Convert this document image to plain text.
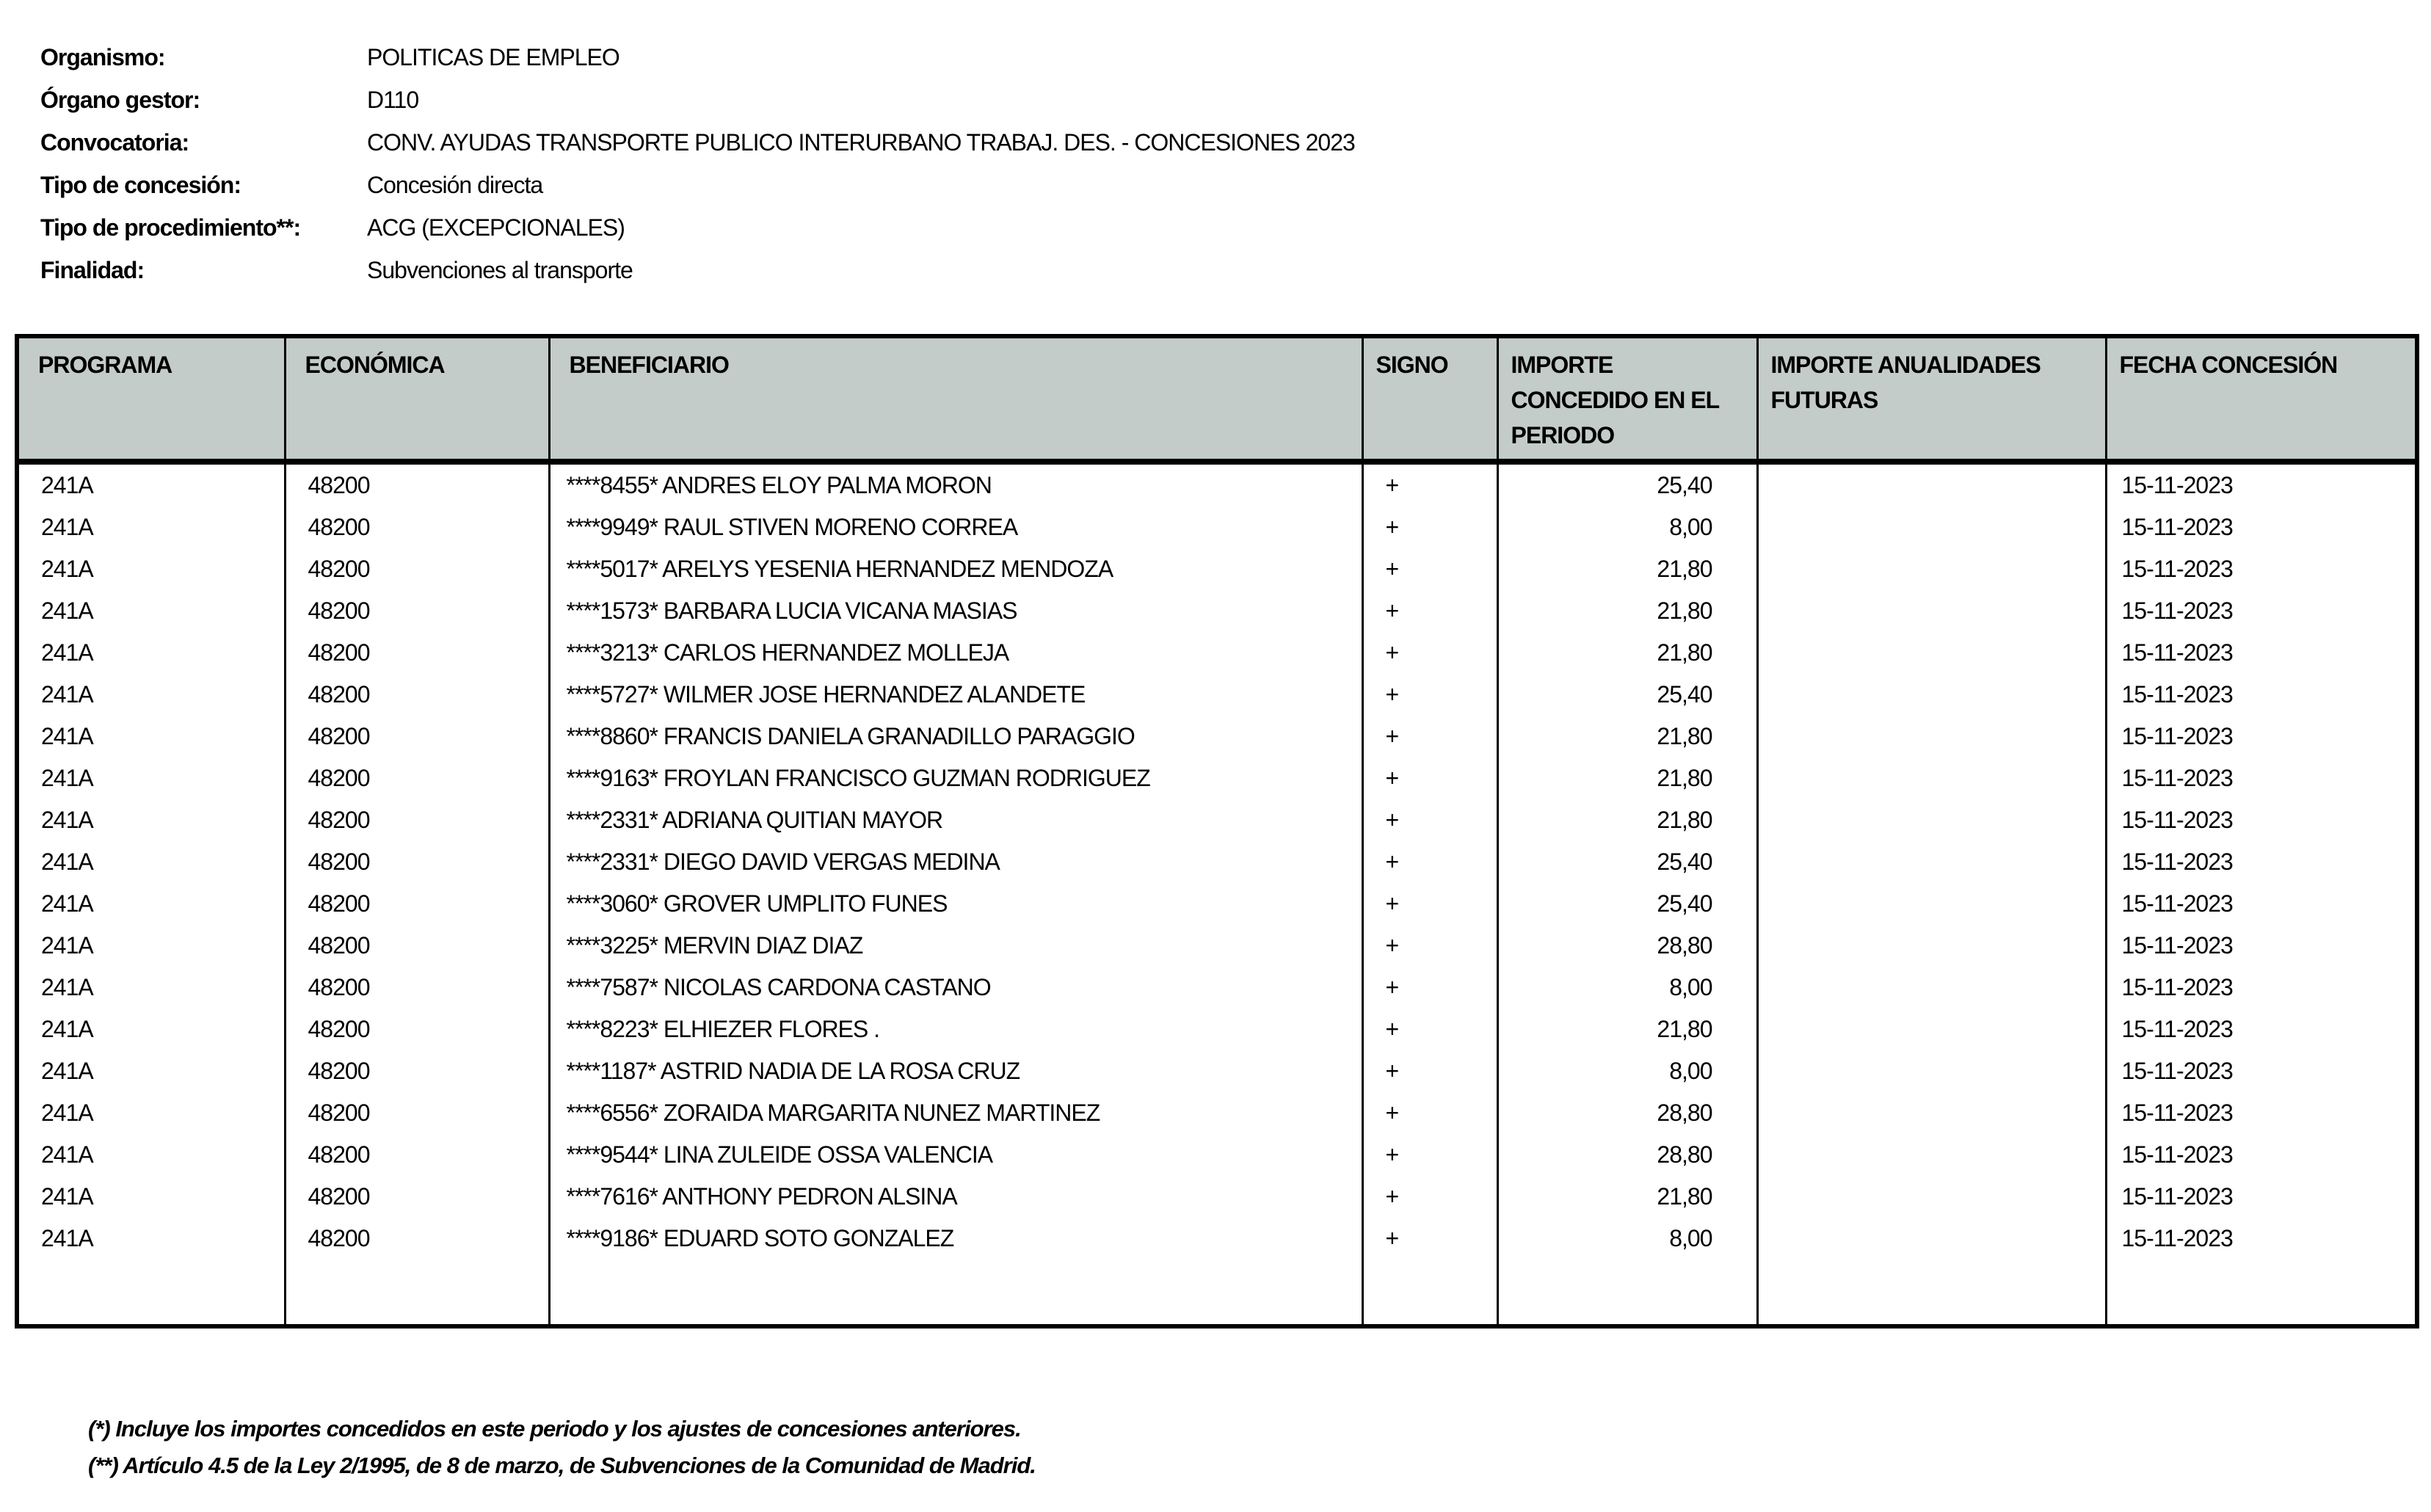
Organismo:	POLITICAS DE EMPLEO
Órgano gestor:	D110
Convocatoria:	CONV. AYUDAS TRANSPORTE PUBLICO INTERURBANO TRABAJ. DES. - CONCESIONES 2023
Tipo de concesión:	Concesión directa
Tipo de procedimiento**:	ACG (EXCEPCIONALES)
Finalidad:	Subvenciones al transporte
PROGRAMA	ECONÓMICA	BENEFICIARIO	SIGNO	IMPORTE CONCEDIDO EN EL PERIODO	IMPORTE ANUALIDADES FUTURAS	FECHA CONCESIÓN
241A	48200	****8455* ANDRES ELOY PALMA MORON	+	25,40		15-11-2023
241A	48200	****9949* RAUL STIVEN MORENO CORREA	+	8,00		15-11-2023
241A	48200	****5017* ARELYS YESENIA HERNANDEZ MENDOZA	+	21,80		15-11-2023
241A	48200	****1573* BARBARA LUCIA VICANA MASIAS	+	21,80		15-11-2023
241A	48200	****3213* CARLOS HERNANDEZ MOLLEJA	+	21,80		15-11-2023
241A	48200	****5727* WILMER JOSE HERNANDEZ ALANDETE	+	25,40		15-11-2023
241A	48200	****8860* FRANCIS DANIELA GRANADILLO PARAGGIO	+	21,80		15-11-2023
241A	48200	****9163* FROYLAN FRANCISCO GUZMAN RODRIGUEZ	+	21,80		15-11-2023
241A	48200	****2331* ADRIANA QUITIAN MAYOR	+	21,80		15-11-2023
241A	48200	****2331* DIEGO DAVID VERGAS MEDINA	+	25,40		15-11-2023
241A	48200	****3060* GROVER UMPLITO FUNES	+	25,40		15-11-2023
241A	48200	****3225* MERVIN DIAZ DIAZ	+	28,80		15-11-2023
241A	48200	****7587* NICOLAS CARDONA CASTANO	+	8,00		15-11-2023
241A	48200	****8223* ELHIEZER FLORES .	+	21,80		15-11-2023
241A	48200	****1187* ASTRID NADIA DE LA ROSA CRUZ	+	8,00		15-11-2023
241A	48200	****6556* ZORAIDA MARGARITA NUNEZ MARTINEZ	+	28,80		15-11-2023
241A	48200	****9544* LINA ZULEIDE OSSA VALENCIA	+	28,80		15-11-2023
241A	48200	****7616* ANTHONY PEDRON ALSINA	+	21,80		15-11-2023
241A	48200	****9186* EDUARD SOTO GONZALEZ	+	8,00		15-11-2023

(*) Incluye los importes concedidos en este periodo y los ajustes de concesiones anteriores.
(**) Artículo 4.5 de la Ley 2/1995, de 8 de marzo, de Subvenciones de la Comunidad de Madrid.
